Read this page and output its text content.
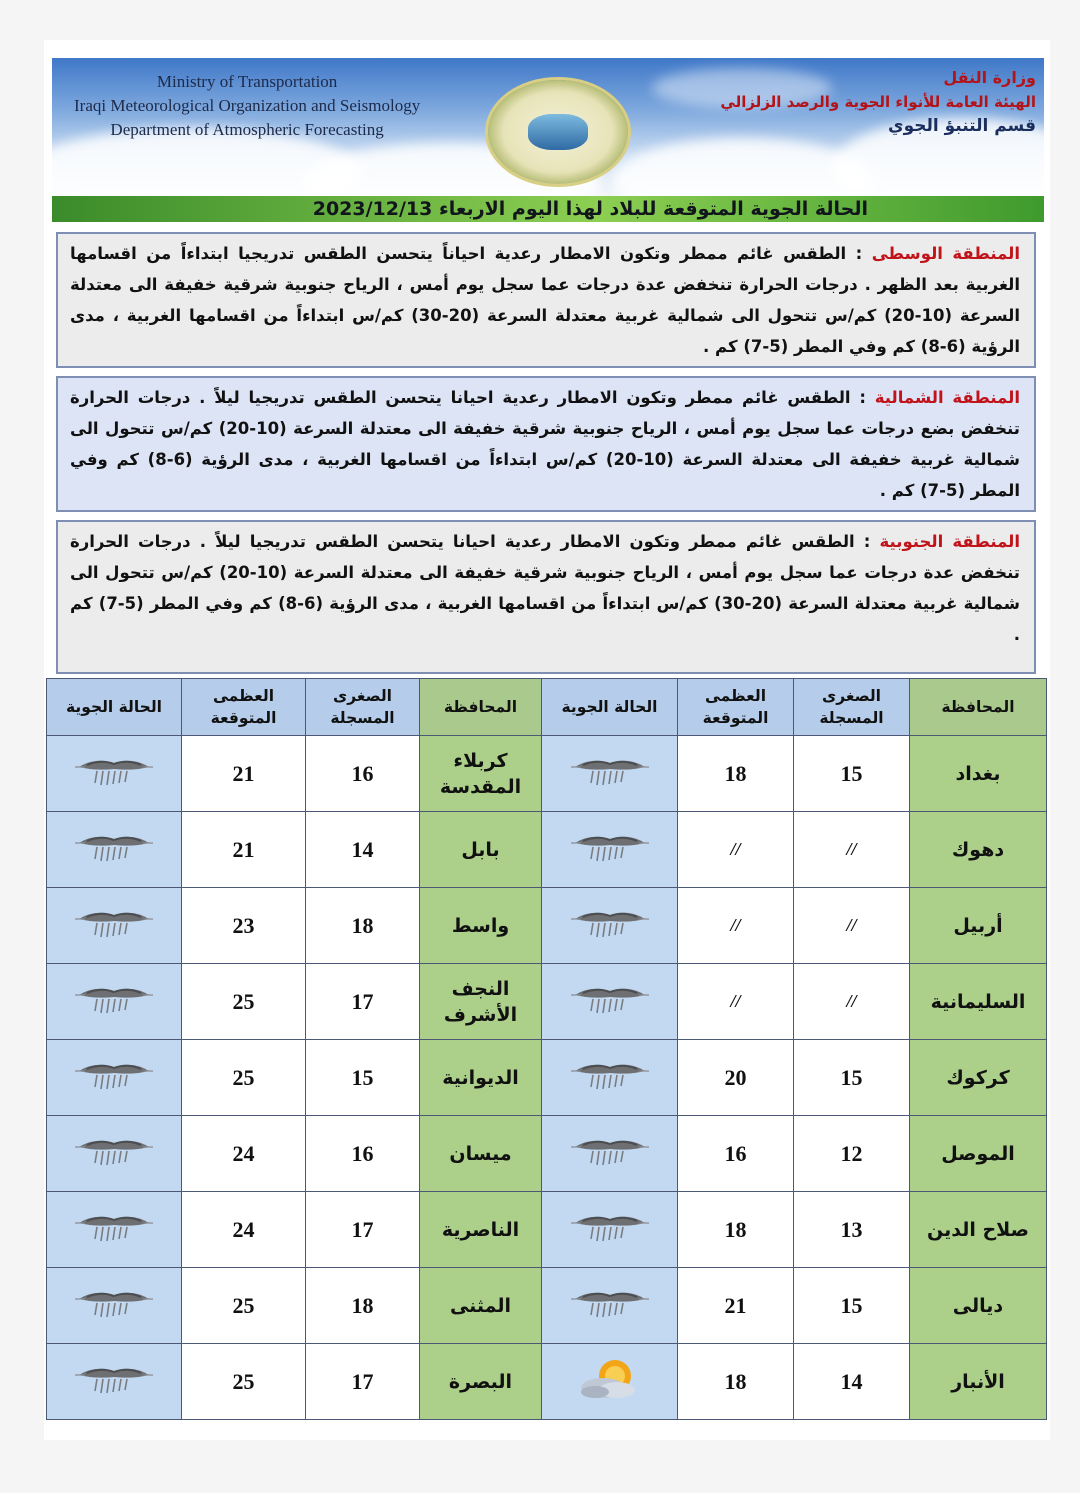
Ministry of Transportation
Iraqi Meteorological Organization and Seismology
Department of Atmospheric Forecasting
وزارة النقل
الهيئة العامة للأنواء الجوية والرصد الزلزالي
قسم التنبؤ الجوي
الحالة الجوية المتوقعة للبلاد لهذا اليوم الاربعاء 2023/12/13
المنطقة الوسطى : الطقس غائم ممطر وتكون الامطار رعدية احياناً يتحسن الطقس تدريجيا ابتداءاً من اقسامها الغربية بعد الظهر . درجات الحرارة تنخفض عدة درجات عما سجل يوم أمس ، الرياح جنوبية شرقية خفيفة الى معتدلة السرعة (10-20) كم/س تتحول الى شمالية غربية معتدلة السرعة (20-30) كم/س ابتداءاً من اقسامها الغربية ، مدى الرؤية (6-8) كم وفي المطر (5-7) كم .
المنطقة الشمالية : الطقس غائم ممطر وتكون الامطار رعدية احيانا يتحسن الطقس تدريجيا ليلاً . درجات الحرارة تنخفض بضع درجات عما سجل يوم أمس ، الرياح جنوبية شرقية خفيفة الى معتدلة السرعة (10-20) كم/س تتحول الى شمالية غربية خفيفة الى معتدلة السرعة (10-20) كم/س ابتداءاً من اقسامها الغربية ، مدى الرؤية (6-8) كم وفي المطر (5-7) كم .
المنطقة الجنوبية : الطقس غائم ممطر وتكون الامطار رعدية احيانا يتحسن الطقس تدريجيا ليلاً . درجات الحرارة تنخفض عدة درجات عما سجل يوم أمس ، الرياح جنوبية شرقية خفيفة الى معتدلة السرعة (10-20) كم/س تتحول الى شمالية غربية معتدلة السرعة (20-30) كم/س ابتداءاً من اقسامها الغربية ، مدى الرؤية (6-8) كم وفي المطر (5-7) كم .
الحالة الجوية	العظمى المتوقعة	الصغرى المسجلة	المحافظة	الحالة الجوية	العظمى المتوقعة	الصغرى المسجلة	المحافظة
	21	16	كربلاء المقدسة		18	15	بغداد
	21	14	بابل		//	//	دهوك
	23	18	واسط		//	//	أربيل
	25	17	النجف الأشرف		//	//	السليمانية
	25	15	الديوانية		20	15	كركوك
	24	16	ميسان		16	12	الموصل
	24	17	الناصرية		18	13	صلاح الدين
	25	18	المثنى		21	15	ديالى
	25	17	البصرة		18	14	الأنبار
